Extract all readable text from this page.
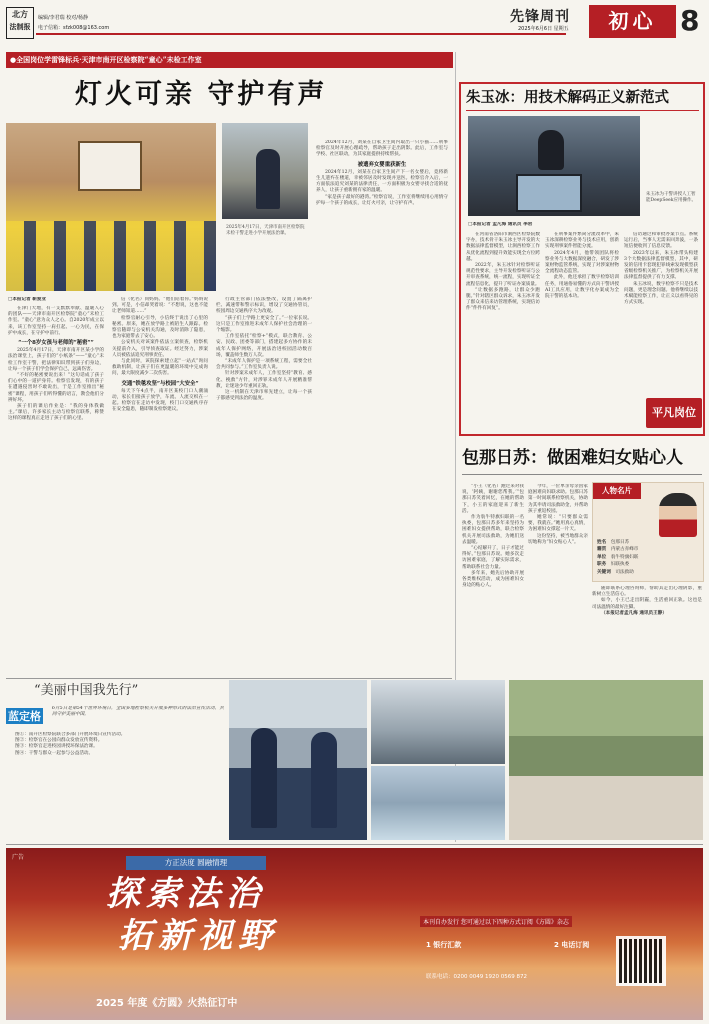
北方
法制报
编辑/李君瑞 校对/杨静
电子信箱：sfzk008@163.com
先锋周刊
2025年6月6日 星期五	初心 8
●全国岗位学雷锋标兵·天津市南开区检察院“童心”未检工作室
灯火可亲 守护有声
2025年4月17日，天津市南开区检察院未检干警走进小学开展法治课。
□本报记者 靳爱亚

在津门大地，有一支默默奉献、温暖人心的团队——天津市南开区检察院“童心”未检工作室。“童心”意为众人之心。自2020年成立以来，该工作室坚持一肩扛起、一心为民，在保护中成长，在守护中前行。

“一个8岁女孩与老师的“秘密””

2025年4月17日，天津市南开区某小学的法治课堂上，孩子们的“小纸条”——“童心”未检工作室干警，把法律知识带到孩子们身边，让每一个孩子们学会保护自己，远离伤害。

“不好的秘密要说出来！”这句话成了孩子们心中的一道护身符。检察官发现，有的孩子在遭遇侵害时不敢说出，于是工作室推出“秘密”课程，用孩子们听得懂的语言，教会他们分辨好坏。

孩子们的课后作业是：“我的身体我做主。”课后，许多家长主动与检察官联系，称赞这样的课程真正走进了孩子们的心里。

信（化名）同妈妈。“他们陪着你。”妈妈说到。可是，小信却哭着说：“不想说，这也不能让老师知道……”

检察官耐心引导，小信终于说出了心里的秘密。原来，她在放学路上被陌生人跟踪。检察官随即与公安机关沟通，及时消除了隐患，也为家庭带去了安心。

公安机关对该案件依法立案侦查，检察机关提前介入，引导侦查取证。经过努力，涉案人员被依法追究刑事责任。

与此同时，该院探索建立起“一站式”询问救助机制，让孩子们在更温暖的环境中完成询问，最大限度减少二次伤害。

交通“铁毯攻坚”与校园“大安全”

每天下午4点半，南开区某校门口人潮涌动，家长们接孩子放学，车流、人流交织在一起。检察官在走访中发现，校门口交通秩序存在安全隐患，随即制发检察建议。

行政主管部门依法整改，设置了隔离护栏、减速带和警示标识，增设了交通协管员，校园周边交通秩序大为改观。

“孩子们上学路上更安全了。”一位家长说。这只是工作室推进未成年人保护社会治理的一个缩影。

工作室依托“检察+”模式，联合教育、公安、民政、团委等部门，搭建起多方协作的未成年人保护网络，开展法治进校园活动数百场，覆盖师生数万人次。

“未成年人保护是一项系统工程，需要全社会共同参与。”工作室负责人说。

针对涉案未成年人，工作室坚持“教育、感化、挽救”方针，对涉罪未成年人开展精准帮教，让迷途少年重回正轨。

这一机制在天津市率先建立，让每一个孩子都感受到法治的温度。

2024年12月，刘某在自家卫生间内取出一只小猫……刑事检察官及时开展心理疏导，帮助孩子走出阴影。此后，工作室与学校、社区联动，为其家庭提供持续帮扶。

被遗弃女婴重获新生

2024年12月，刘某在自家卫生间产下一名女婴后，竟将新生儿遗弃在楼道，幸被邻居及时发现并送医。检察官介入后，一方面依法追究刘某的法律责任，一方面积极为女婴寻找合适的抚养人，让孩子重新拥有家的温暖。

“家是孩子最好的港湾。”检察官说，工作室将继续用心用情守护每一个孩子的成长，让灯火可亲，让守护有声。

朱玉冰：用技术解码正义新范式
朱玉冰为干警讲授人工智能DeepSeek应用操作。
□本报记者 孟凡海 通讯员 李岩

在河南省洛阳市涧西区检察院数字办，技术骨干朱玉冰主导开发的大数据法律监督模型，让涧西检察工作从优化流程到提升效能实现全方位跨越。

2022年，朱玉冰针对检察听证规范性要求，主导开发检察听证与公开审查系统，统一流程，实现听证全流程信息化，提升了听证办案质量。

“让数据多跑路，让群众少跑腿。”针对辖区群众诉求，朱玉冰开发了群众来信来访管理系统，实现信访件“件件有回复”。

在刑事案件繁简分流改革中，朱玉冰深耕检察业务与技术应用，创新实现刑事案件智能分流。

2024年4月，他带领团队将检察业务与大数据深度融合，研发了涉案财物监管系统，实现了对涉案财物全流程动态监管。

此外，他还承担了数字检察培训任务，用通俗易懂的方式向干警讲授AI工具应用，让数字化办案成为全院干警的基本功。

信访通过和审批办案节点。系统运行后，当事人无需来回奔波，一条短信便收到了信息反馈。

2023年以来，朱玉冰带头构建3个大数据法律监督模型，其中，研发的信用卡套现犯罪线索发现模型获省级检察机关推广，为检察机关开展法律监督提供了有力支撑。

朱玉冰说，数字检察不只是技术问题，更是理念问题。他将继续以技术赋能检察工作，让正义以看得见的方式实现。

平凡岗位
包那日苏：做困难妇女贴心人
人物名片
姓名　 包那日苏
籍贯　 内蒙古赤峰市
单位　 翁牛特旗妇联
职务　 妇联执委
关键词　 司法救助

“小王（化名）跑过来对我说，‘阿姨，谢谢您帮我。’”包那日苏笑着回忆，在她的帮助下，小王的家庭迎来了新生活。

作为翁牛特旗妇联的一名执委，包那日苏多年来坚持为困难妇女提供帮助，联合检察机关开展司法救助，为她们送去温暖。

“心结解开了，日子才能过得好。”包那日苏说。她多次走访困难家庭，了解实际需求，帮助联系社会力量。

多年来，她先后协助开展各类维权活动，成为困难妇女身边的贴心人。

今年，一位单亲母亲因家庭困难向妇联求助。包那日苏第一时间联系检察机关，协助为其申请司法救助金，并帮助孩子重返校园。

她常说：“只要群众需要，我就在。”她用真心真情，为困难妇女撑起一片天。

这份坚持，被当地群众亲切地称为“妇女贴心人”。

随即联系心理咨询师，帮助其走出心理阴影，重新树立生活信心。

如今，小王已走出阴霾，生活重回正轨。这也是司法温情的最好注脚。

（本报记者孟凡海 通讯员王静）

“美丽中国我先行”
蓝定格
6月5日是第54个世界环境日，全国多地检察机关开展多种形式的法治宣传活动，共同守护美丽中国。

图①：南开区检察院联合多部门开展环境日宣传活动。

图②：检察官在公园向群众发放宣传资料。

图③：检察官走进校园讲授环保法治课。

图④：干警与群众一起参与公益活动。

广告
方正法度 圆融情理
探索法治
拓新视野
2025 年度《方圆》火热征订中
本刊自办发行 您可通过以下四种方式订阅《方圆》杂志
1 银行汇款	2 电话订阅
联系电话：0200 0049 1920 0569 872
